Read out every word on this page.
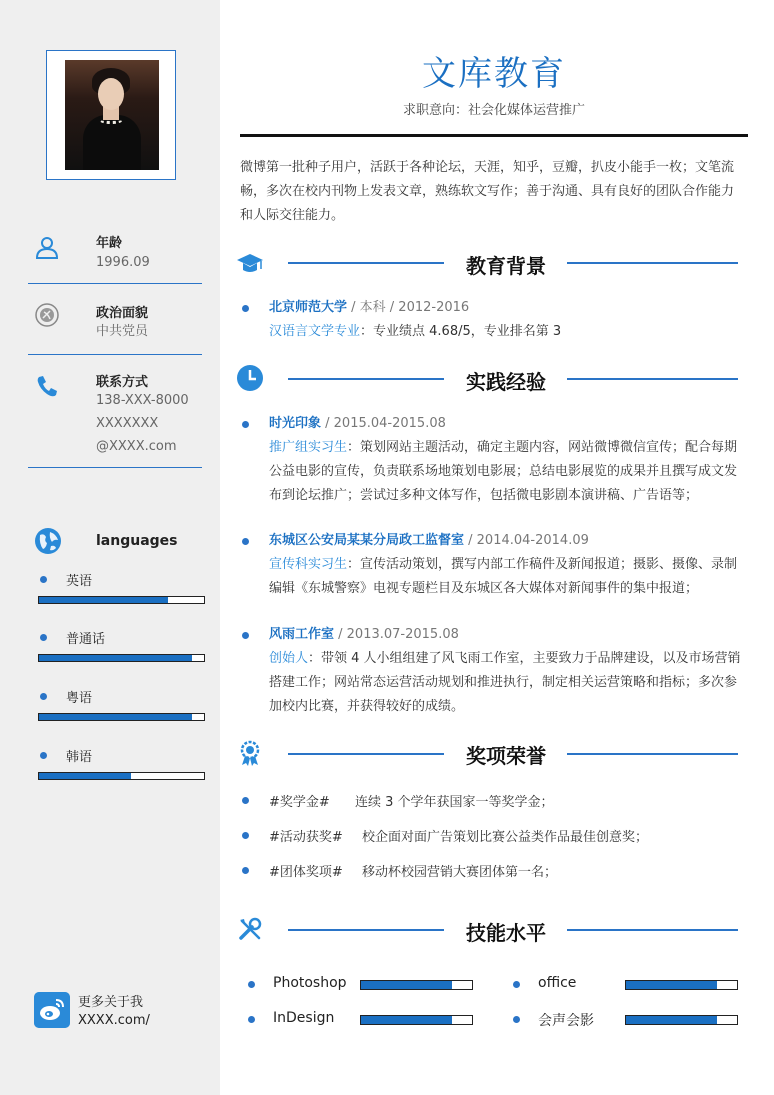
年龄
1996.09
政治面貌
中共党员
联系方式
138-XXX-8000
XXXXXXX
@XXXX.com
languages
英语
普通话
粤语
韩语
更多关于我
XXXX.com/
文库教育
求职意向：社会化媒体运营推广
微博第一批种子用户，活跃于各种论坛，天涯，知乎，豆瓣，扒皮小能手一枚；文笔流畅，多次在校内刊物上发表文章，熟练软文写作；善于沟通、具有良好的团队合作能力和人际交往能力。
教育背景
北京师范大学 / 本科 / 2012-2016
汉语言文学专业：专业绩点 4.68/5，专业排名第 3
实践经验
时光印象 / 2015.04-2015.08
推广组实习生：策划网站主题活动，确定主题内容，网站微博微信宣传；配合每期公益电影的宣传，负责联系场地策划电影展；总结电影展览的成果并且撰写成文发布到论坛推广；尝试过多种文体写作，包括微电影剧本演讲稿、广告语等；
东城区公安局某某分局政工监督室 / 2014.04-2014.09
宣传科实习生：宣传活动策划，撰写内部工作稿件及新闻报道；摄影、摄像、录制编辑《东城警察》电视专题栏目及东城区各大媒体对新闻事件的集中报道；
风雨工作室 / 2013.07-2015.08
创始人：带领 4 人小组组建了风飞雨工作室，主要致力于品牌建设，以及市场营销搭建工作；网站常态运营活动规划和推进执行，制定相关运营策略和指标；多次参加校内比赛，并获得较好的成绩。
奖项荣誉
#奖学金# 连续 3 个学年获国家一等奖学金；
#活动获奖# 校企面对面广告策划比赛公益类作品最佳创意奖；
#团体奖项# 移动杯校园营销大赛团体第一名；
技能水平
Photoshop	office
InDesign	会声会影
